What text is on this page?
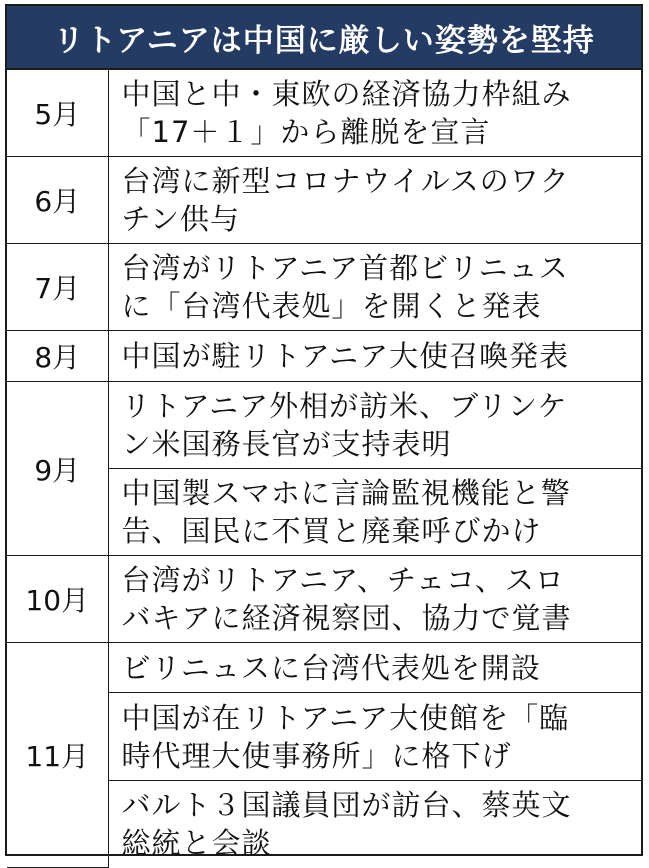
リトアニアは中国に厳しい姿勢を堅持
5月	中国と中・東欧の経済協力枠組み
「17＋１」から離脱を宣言

6月	台湾に新型コロナウイルスのワク
チン供与

7月	台湾がリトアニア首都ビリニュス
に「台湾代表処」を開くと発表

8月	中国が駐リトアニア大使召喚発表

9月	リトアニア外相が訪米、ブリンケ
ン米国務長官が支持表明

	中国製スマホに言論監視機能と警
告、国民に不買と廃棄呼びかけ

10月	台湾がリトアニア、チェコ、スロ
バキアに経済視察団、協力で覚書

11月	ビリニュスに台湾代表処を開設

	中国が在リトアニア大使館を「臨
時代理大使事務所」に格下げ

	バルト３国議員団が訪台、蔡英文
総統と会談
